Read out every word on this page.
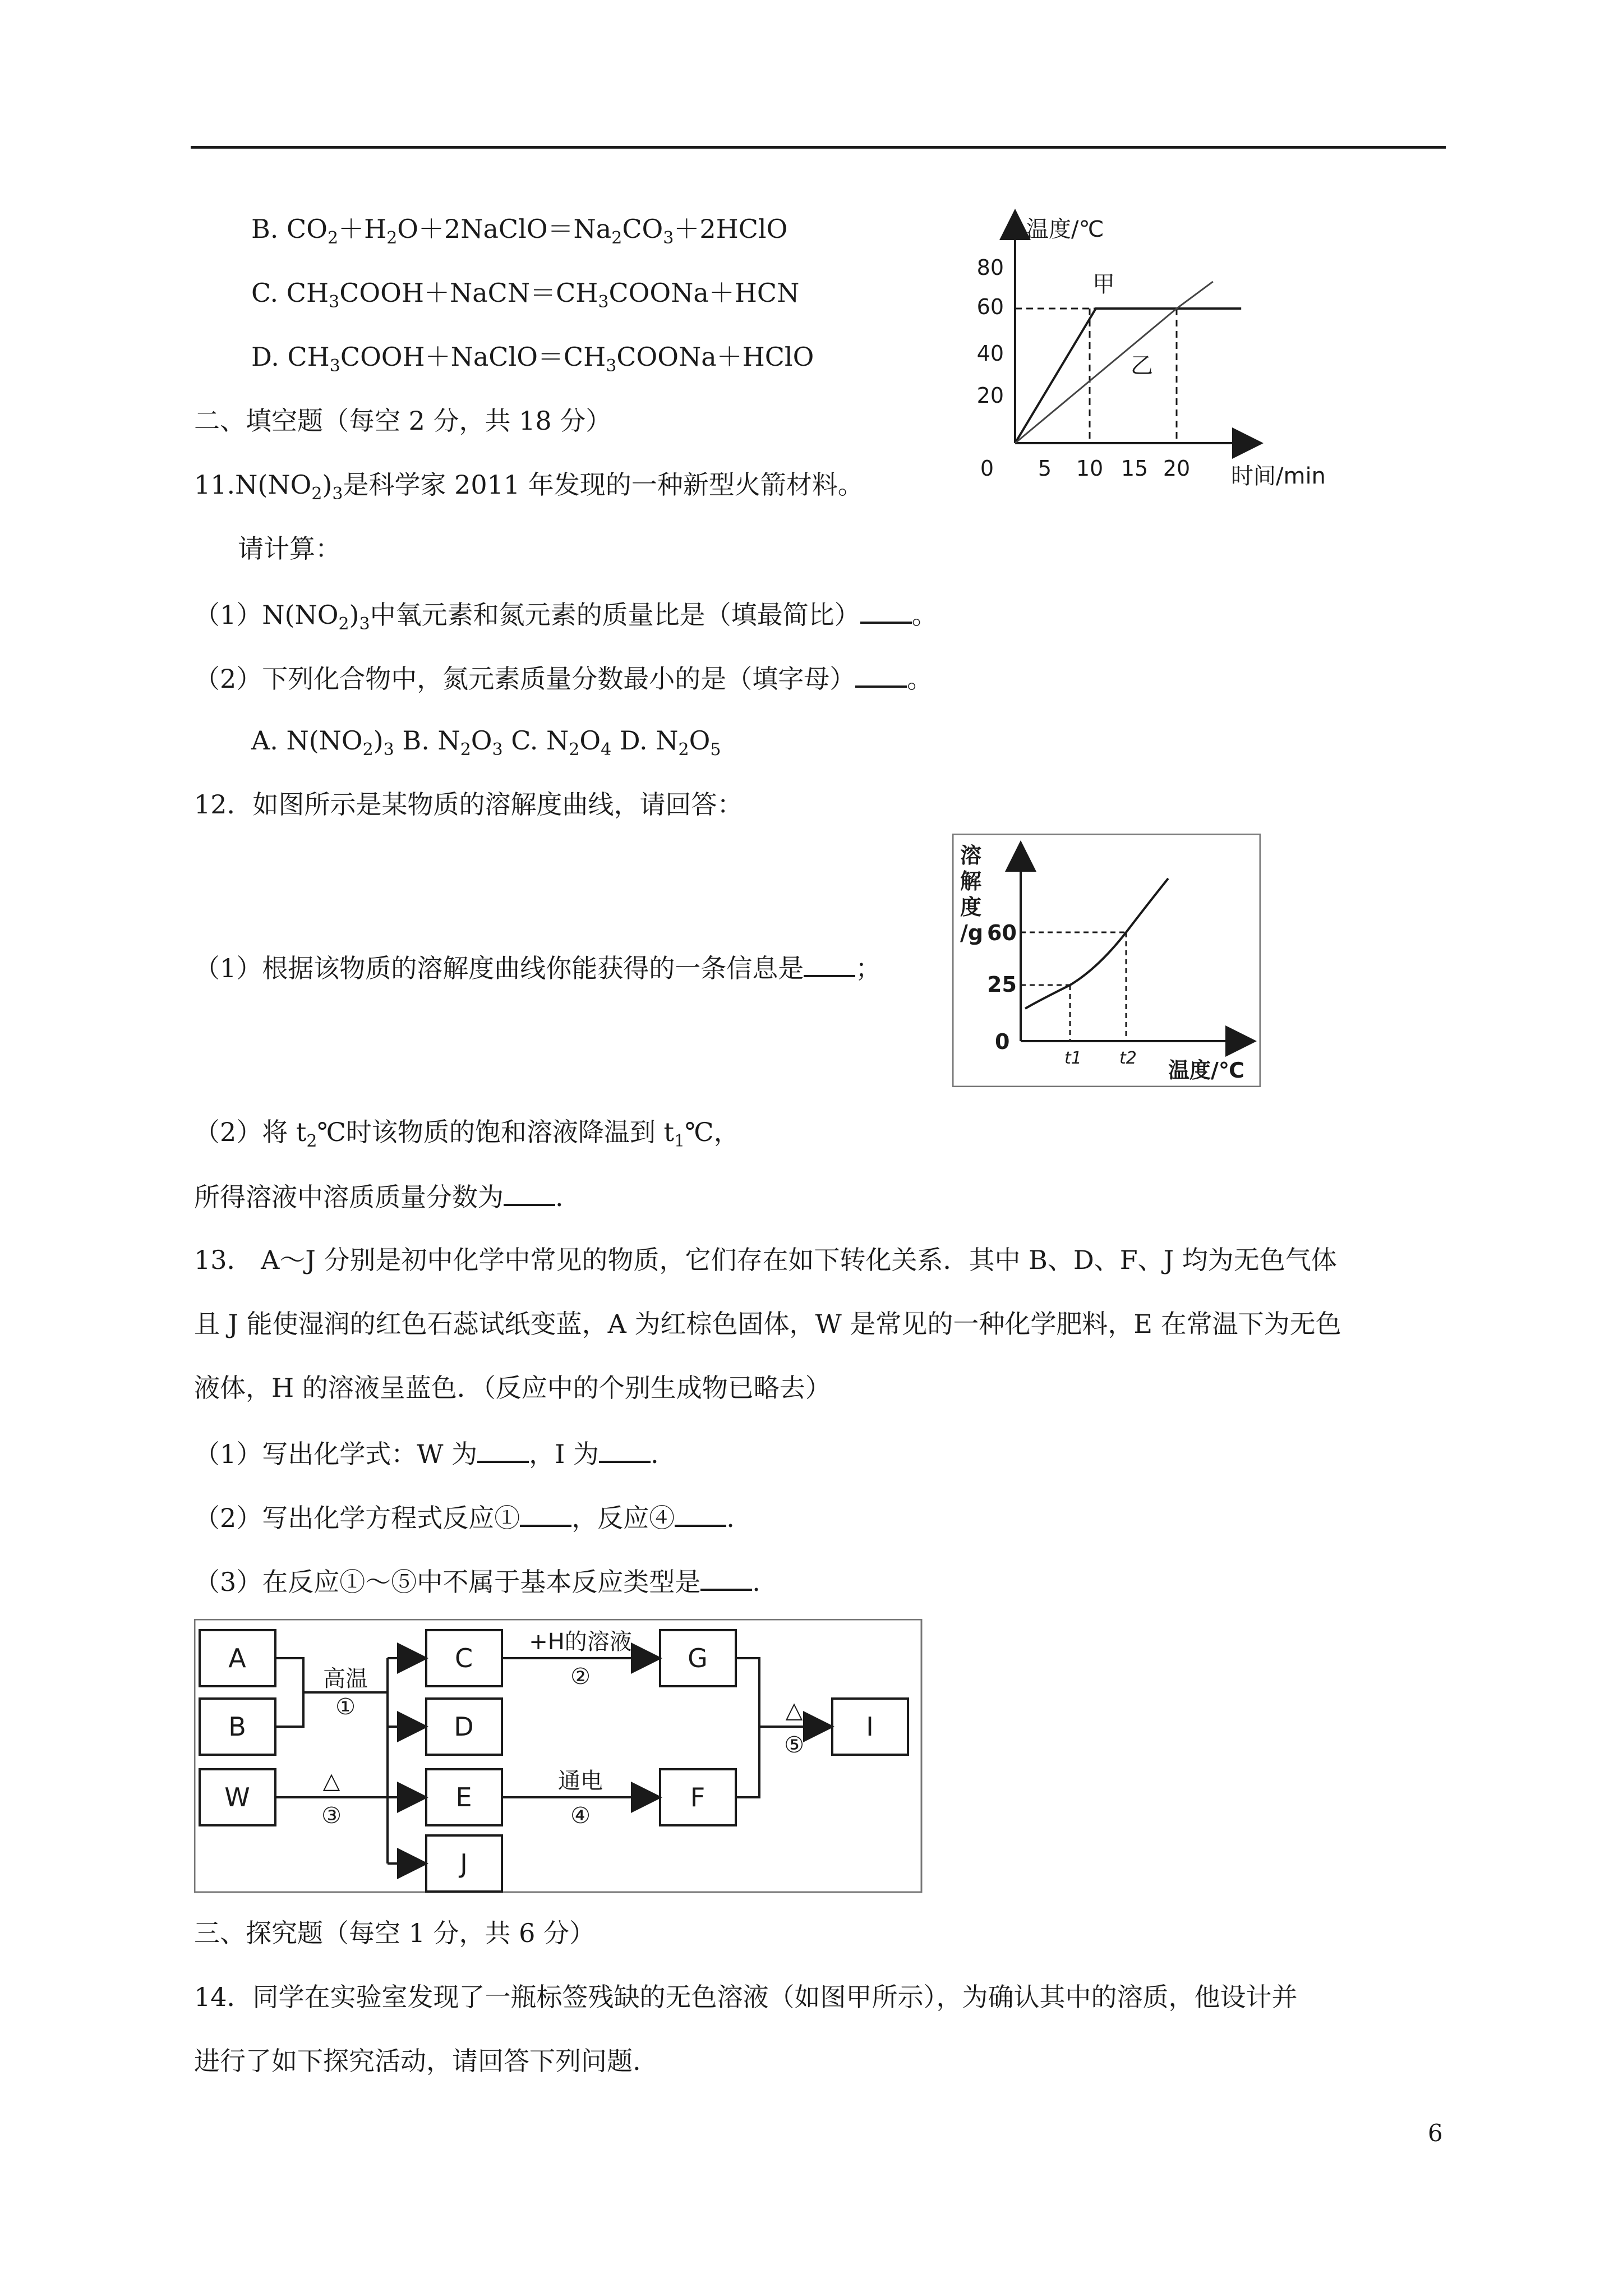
B. $CO_2+H_2O+2NaClO=Na_2CO_3+2HClO$
C. $CH_3COOH+NaCN=CH_3COONa+HCN$
D. $CH_3COOH+NaClO=CH_3COONa+HClO$
二、填空题（每空 2 分，共 18 分）
$11.N(NO_2)_3$是科学家 2011 年发现的一种新型火箭材料。
请计算：
$(1)N(NO_2)_3$中氧元素和氮元素的质量比是（填最简比） 。
（2）下列化合物中，氮元素质量分数最小的是（填字母） 。
A. $N(NO_2)_3$ B. $N_2O_3$ C. $N_2O_4$ D. $N_2O_5$
12．如图所示是某物质的溶解度曲线，请回答：
（1）根据该物质的溶解度曲线你能获得的一条信息是 ；
（2）将 $t_2℃$时该物质的饱和溶液降温到 $t_1℃$，
所得溶液中溶质质量分数为 .
13． A～J 分别是初中化学中常见的物质，它们存在如下转化关系．其中 B、D、F、J 均为无色气体
且 J 能使湿润的红色石蕊试纸变蓝，A 为红棕色固体，W 是常见的一种化学肥料，E 在常温下为无色
液体，H 的溶液呈蓝色．（反应中的个别生成物已略去）
（1）写出化学式：W 为 ，I 为 .
（2）写出化学方程式反应① ，反应④ .
（3）在反应①～⑤中不属于基本反应类型是 .
三、探究题（每空 1 分，共 6 分）
14．同学在实验室发现了一瓶标签残缺的无色溶液（如图甲所示），为确认其中的溶质，他设计并
进行了如下探究活动，请回答下列问题.
6
温度/℃
时间/min
80
60
40
20
0 5 10 15 20
甲
乙
溶
解
度
/g 60
25
0
t1 t2 温度/℃
A
B
W
C
D
E
J
G
F
I
高温
①
△
③
+H的溶液
②
通电
④
△
⑤
